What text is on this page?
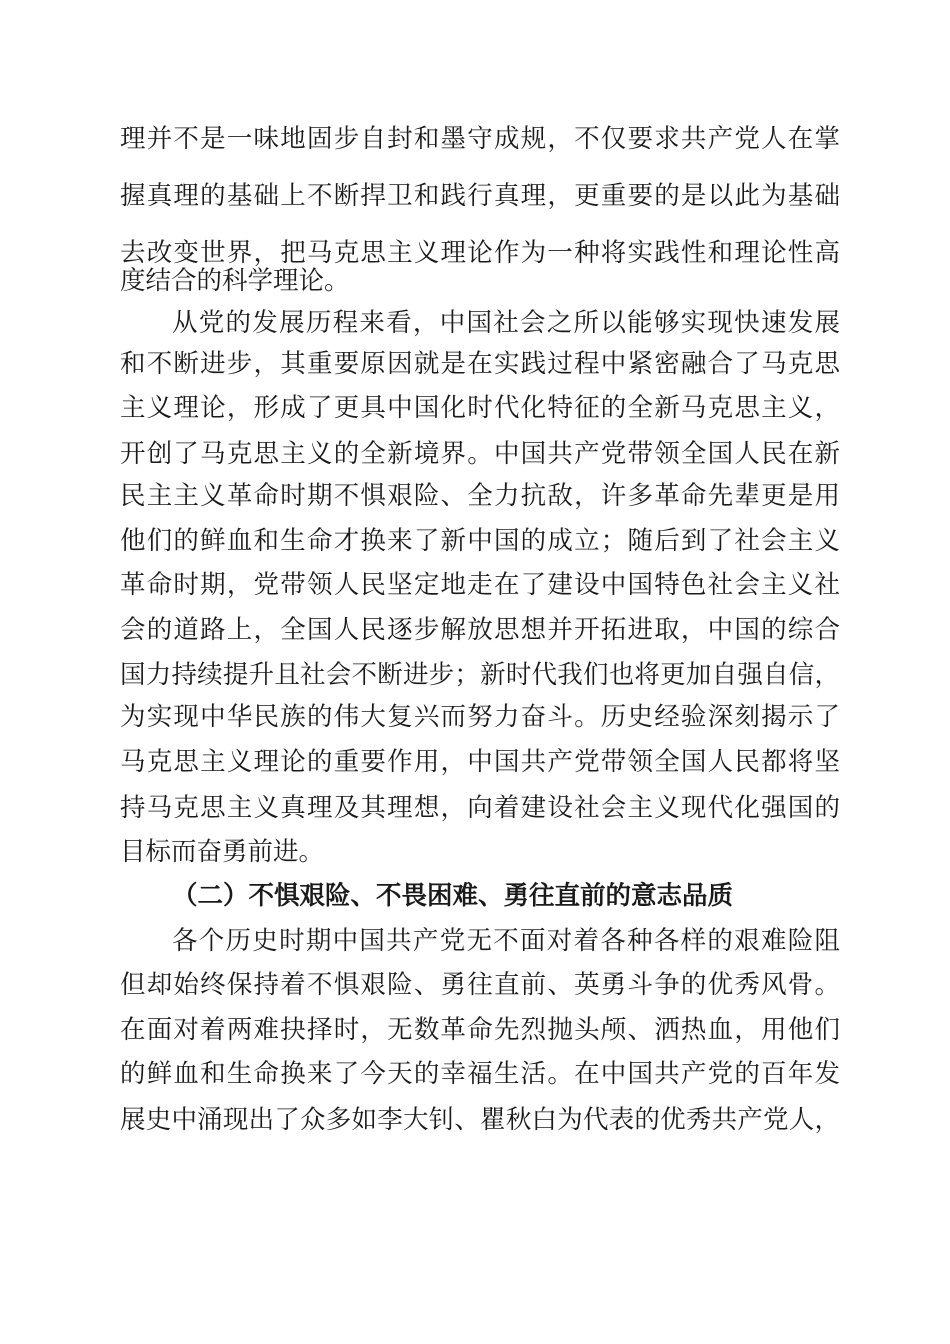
理并不是一味地固步自封和墨守成规，不仅要求共产党人在掌
握真理的基础上不断捍卫和践行真理，更重要的是以此为基础
去改变世界，把马克思主义理论作为一种将实践性和理论性高
度结合的科学理论。
从党的发展历程来看，中国社会之所以能够实现快速发展
和不断进步，其重要原因就是在实践过程中紧密融合了马克思
主义理论，形成了更具中国化时代化特征的全新马克思主义，
开创了马克思主义的全新境界。中国共产党带领全国人民在新
民主主义革命时期不惧艰险、全力抗敌，许多革命先辈更是用
他们的鲜血和生命才换来了新中国的成立；随后到了社会主义
革命时期，党带领人民坚定地走在了建设中国特色社会主义社
会的道路上，全国人民逐步解放思想并开拓进取，中国的综合
国力持续提升且社会不断进步；新时代我们也将更加自强自信，
为实现中华民族的伟大复兴而努力奋斗。历史经验深刻揭示了
马克思主义理论的重要作用，中国共产党带领全国人民都将坚
持马克思主义真理及其理想，向着建设社会主义现代化强国的
目标而奋勇前进。
（二）不惧艰险、不畏困难、勇往直前的意志品质
各个历史时期中国共产党无不面对着各种各样的艰难险阻
但却始终保持着不惧艰险、勇往直前、英勇斗争的优秀风骨。
在面对着两难抉择时，无数革命先烈抛头颅、洒热血，用他们
的鲜血和生命换来了今天的幸福生活。在中国共产党的百年发
展史中涌现出了众多如李大钊、瞿秋白为代表的优秀共产党人，
